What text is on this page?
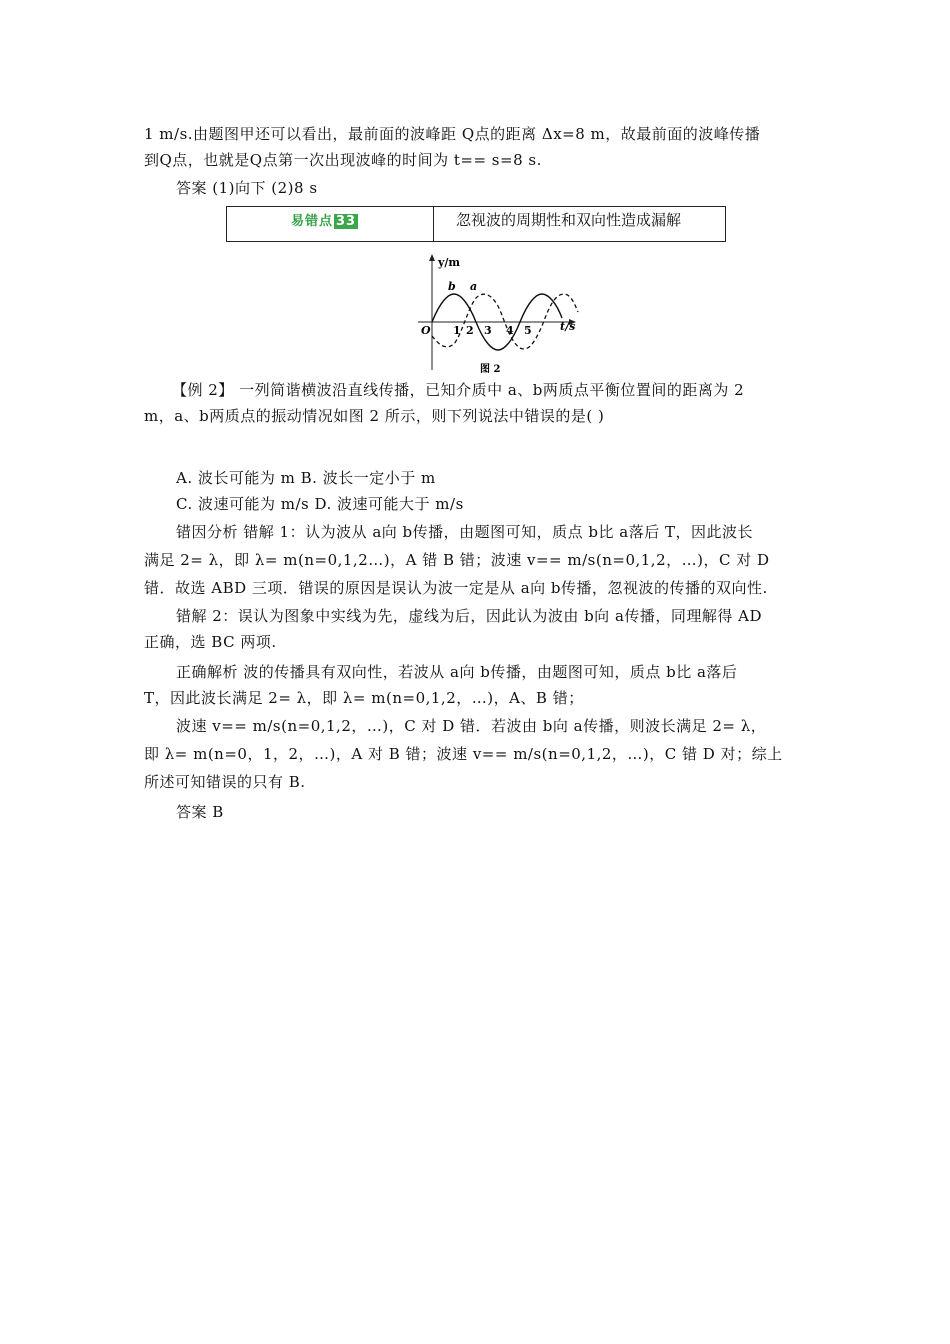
1 m/s.由题图甲还可以看出，最前面的波峰距 Q点的距离 Δx=8 m，故最前面的波峰传播
到Q点，也就是Q点第一次出现波峰的时间为 t== s=8 s.
答案 (1)向下 (2)8 s
易错点 33	忽视波的周期性和双向性造成漏解
y/m
t/s
O
b a
1 2 3 4 5
图 2
【例 2】 一列简谐横波沿直线传播，已知介质中 a、b两质点平衡位置间的距离为 2
m，a、b两质点的振动情况如图 2 所示，则下列说法中错误的是( )
A. 波长可能为 m B. 波长一定小于 m
C. 波速可能为 m/s D. 波速可能大于 m/s
错因分析 错解 1：认为波从 a向 b传播，由题图可知，质点 b比 a落后 T，因此波长
满足 2= λ，即 λ= m(n=0,1,2…)，A 错 B 错；波速 v== m/s(n=0,1,2，…)，C 对 D
错．故选 ABD 三项．错误的原因是误认为波一定是从 a向 b传播，忽视波的传播的双向性.
错解 2：误认为图象中实线为先，虚线为后，因此认为波由 b向 a传播，同理解得 AD
正确，选 BC 两项.
正确解析 波的传播具有双向性，若波从 a向 b传播，由题图可知，质点 b比 a落后
T，因此波长满足 2= λ，即 λ= m(n=0,1,2，…)，A、B 错；
波速 v== m/s(n=0,1,2，…)，C 对 D 错．若波由 b向 a传播，则波长满足 2= λ，
即 λ= m(n=0，1，2，…)，A 对 B 错；波速 v== m/s(n=0,1,2，…)，C 错 D 对；综上
所述可知错误的只有 B.
答案 B
